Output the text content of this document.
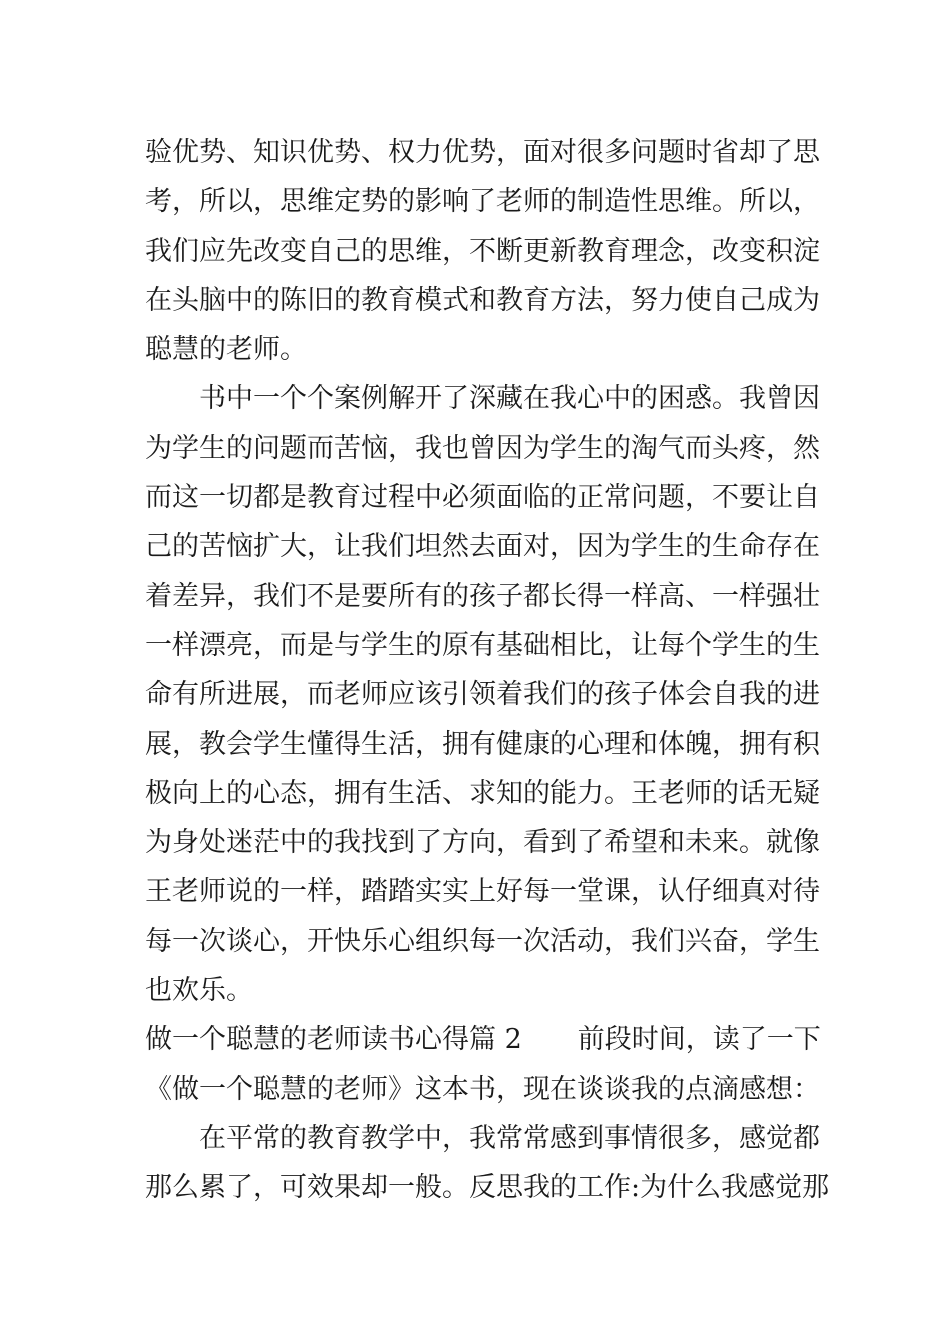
验优势、知识优势、权力优势，面对很多问题时省却了思
考，所以，思维定势的影响了老师的制造性思维。所以，
我们应先改变自己的思维，不断更新教育理念，改变积淀
在头脑中的陈旧的教育模式和教育方法，努力使自己成为
聪慧的老师。
书中一个个案例解开了深藏在我心中的困惑。我曾因
为学生的问题而苦恼，我也曾因为学生的淘气而头疼，然
而这一切都是教育过程中必须面临的正常问题，不要让自
己的苦恼扩大，让我们坦然去面对，因为学生的生命存在
着差异，我们不是要所有的孩子都长得一样高、一样强壮
一样漂亮，而是与学生的原有基础相比，让每个学生的生
命有所进展，而老师应该引领着我们的孩子体会自我的进
展，教会学生懂得生活，拥有健康的心理和体魄，拥有积
极向上的心态，拥有生活、求知的能力。王老师的话无疑
为身处迷茫中的我找到了方向，看到了希望和未来。就像
王老师说的一样，踏踏实实上好每一堂课，认仔细真对待
每一次谈心，开快乐心组织每一次活动，我们兴奋，学生
也欢乐。
做一个聪慧的老师读书心得篇 2 前段时间，读了一下
《做一个聪慧的老师》这本书，现在谈谈我的点滴感想：
在平常的教育教学中，我常常感到事情很多，感觉都
那么累了，可效果却一般。反思我的工作:为什么我感觉那
